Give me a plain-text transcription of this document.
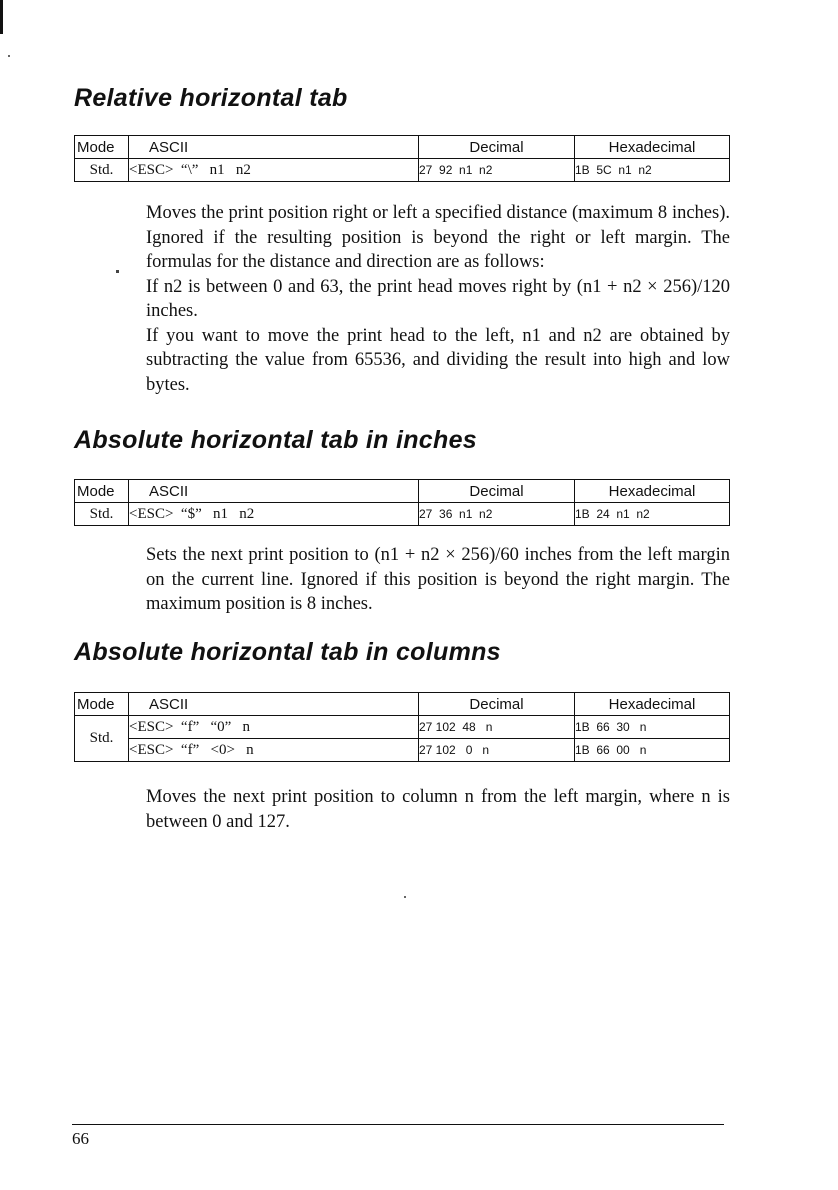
Relative horizontal tab
Mode	ASCII	Decimal	Hexadecimal
Std.	<ESC>  “\”   n1   n2	27  92  n1  n2	1B  5C  n1  n2

Moves the print position right or left a specified distance (maximum 8 inches). Ignored if the resulting position is beyond the right or left margin. The formulas for the distance and direction are as follows:

If n2 is between 0 and 63, the print head moves right by (n1 + n2 × 256)/120 inches.

If you want to move the print head to the left, n1 and n2 are obtained by subtracting the value from 65536, and dividing the result into high and low bytes.

Absolute horizontal tab in inches
Mode	ASCII	Decimal	Hexadecimal
Std.	<ESC>  “$”   n1   n2	27  36  n1  n2	1B  24  n1  n2

Sets the next print position to (n1 + n2 × 256)/60 inches from the left margin on the current line. Ignored if this position is beyond the right margin. The maximum position is 8 inches.

Absolute horizontal tab in columns
Mode	ASCII	Decimal	Hexadecimal
Std.	<ESC>  “f”   “0”   n	27 102  48   n	1B  66  30   n
	<ESC>  “f”   <0>   n	27 102   0   n	1B  66  00   n

Moves the next print position to column n from the left margin, where n is between 0 and 127.

66
